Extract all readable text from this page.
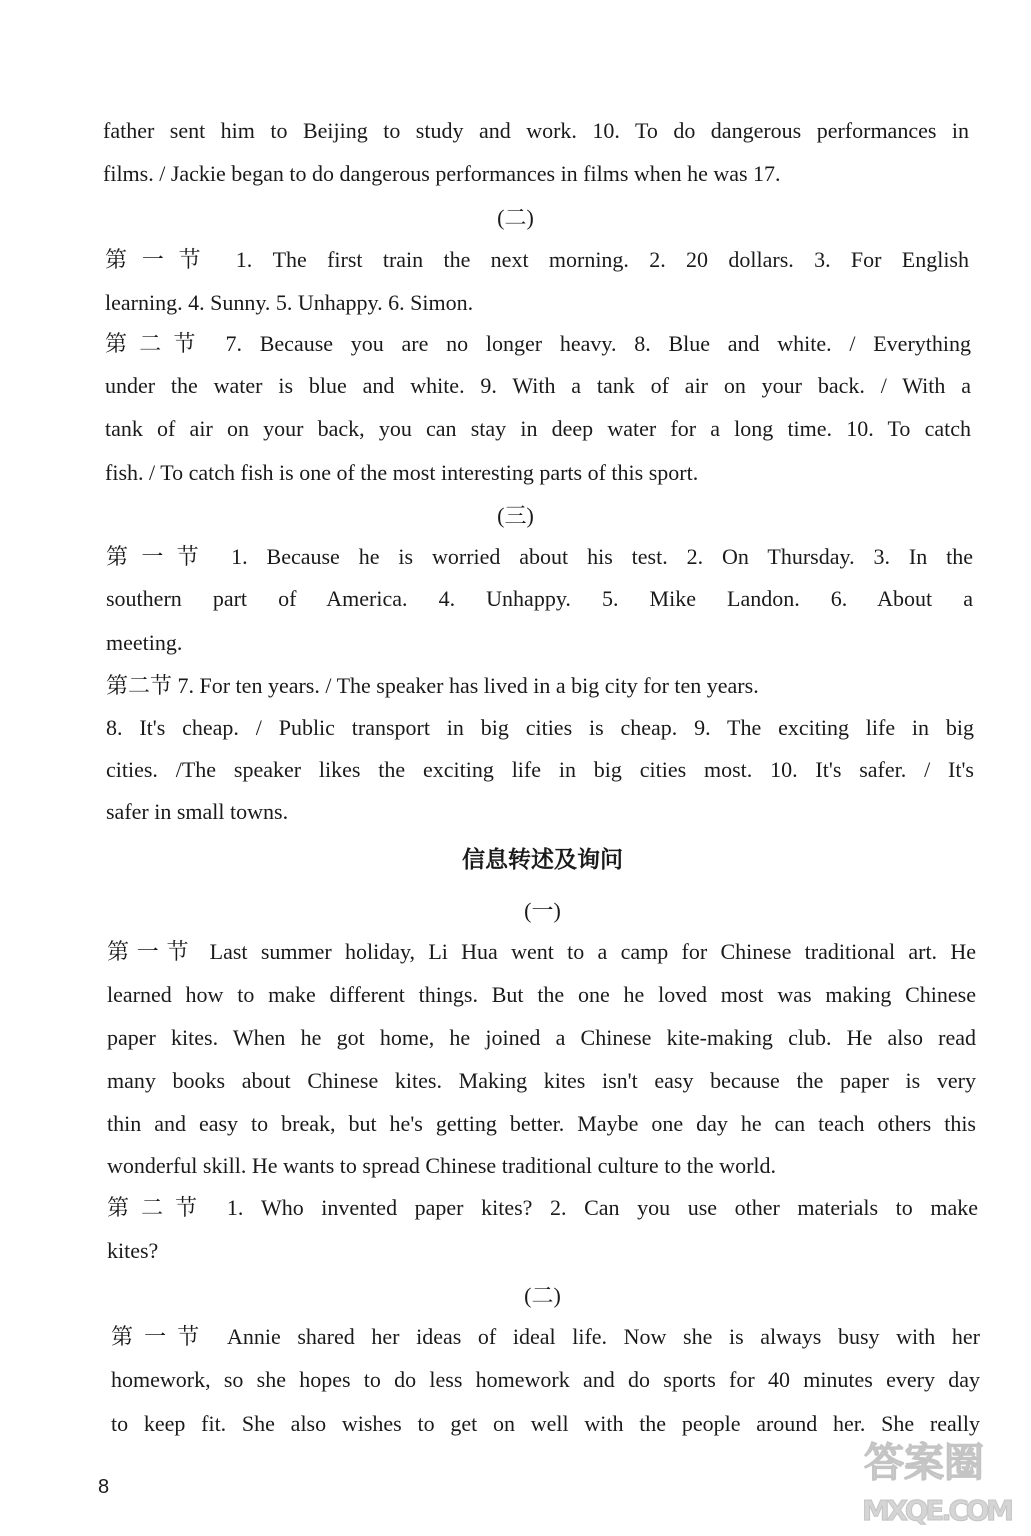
father sent him to Beijing to study and work. 10. To do dangerous performances in
films. / Jackie began to do dangerous performances in films when he was 17.
(二)
第一节 1. The first train the next morning. 2. 20 dollars. 3. For English
learning. 4. Sunny. 5. Unhappy. 6. Simon.
第二节 7. Because you are no longer heavy. 8. Blue and white. / Everything
under the water is blue and white. 9. With a tank of air on your back. / With a
tank of air on your back, you can stay in deep water for a long time. 10. To catch
fish. / To catch fish is one of the most interesting parts of this sport.
(三)
第一节 1. Because he is worried about his test. 2. On Thursday. 3. In the
southern part of America. 4. Unhappy. 5. Mike Landon. 6. About a
meeting.
第二节 7. For ten years. / The speaker has lived in a big city for ten years.
8. It's cheap. / Public transport in big cities is cheap. 9. The exciting life in big
cities. /The speaker likes the exciting life in big cities most. 10. It's safer. / It's
safer in small towns.
信息转述及询问
(一)
第一节 Last summer holiday, Li Hua went to a camp for Chinese traditional art. He
learned how to make different things. But the one he loved most was making Chinese
paper kites. When he got home, he joined a Chinese kite-making club. He also read
many books about Chinese kites. Making kites isn't easy because the paper is very
thin and easy to break, but he's getting better. Maybe one day he can teach others this
wonderful skill. He wants to spread Chinese traditional culture to the world.
第二节 1. Who invented paper kites? 2. Can you use other materials to make
kites?
(二)
第一节 Annie shared her ideas of ideal life. Now she is always busy with her
homework, so she hopes to do less homework and do sports for 40 minutes every day
to keep fit. She also wishes to get on well with the people around her. She really
8
答案圈
MXQE.COM
